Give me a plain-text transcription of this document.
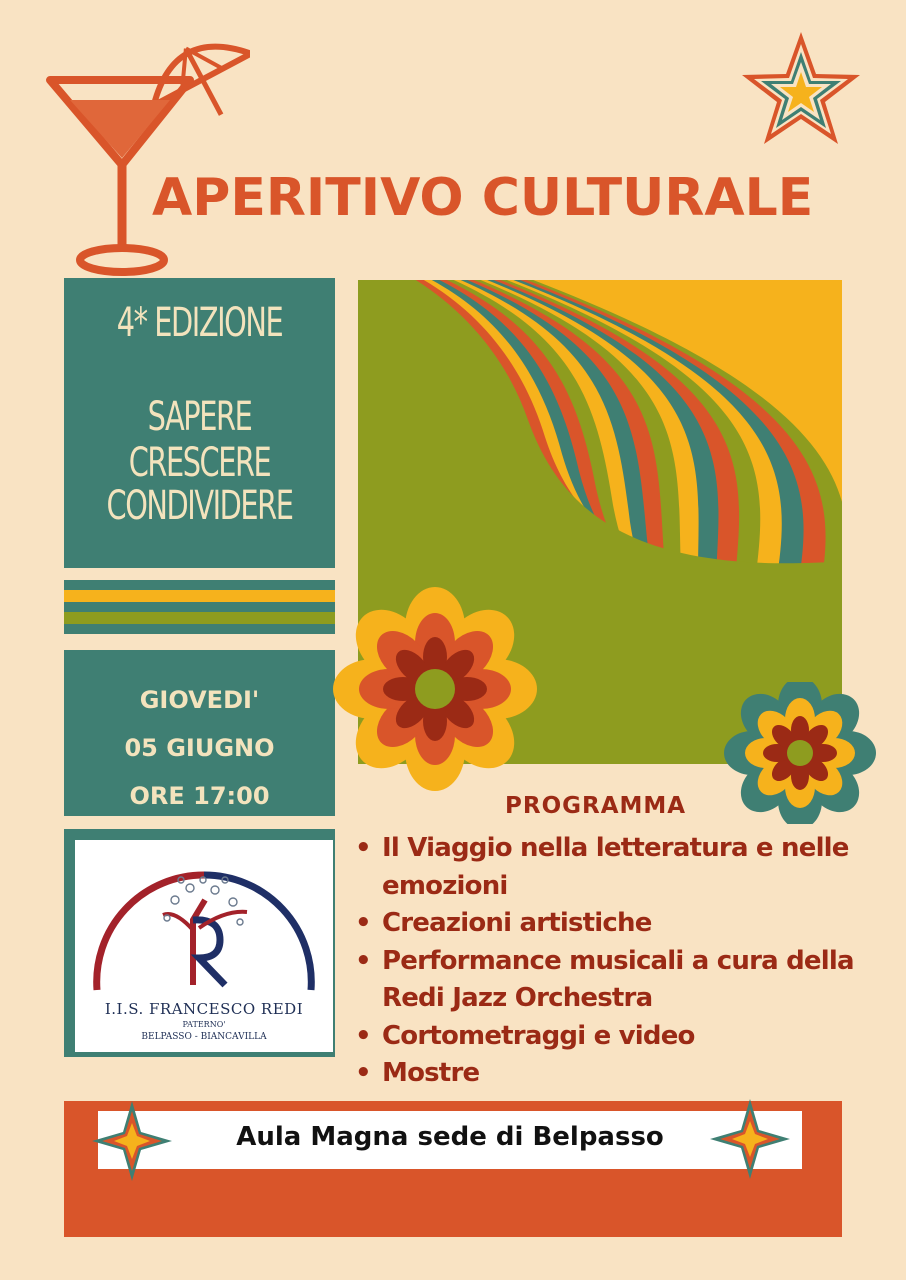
APERITIVO CULTURALE
4* EDIZIONE
SAPERE CRESCERE
CONDIVIDERE
GIOVEDI'
05 GIUGNO
ORE 17:00
I.I.S. FRANCESCO REDI
PATERNO'
BELPASSO - BIANCAVILLA
PROGRAMMA
• Il Viaggio nella letteratura e nelle emozioni
• Creazioni artistiche
• Performance musicali a cura della Redi Jazz Orchestra
• Cortometraggi e video
• Mostre
Aula Magna sede di Belpasso
